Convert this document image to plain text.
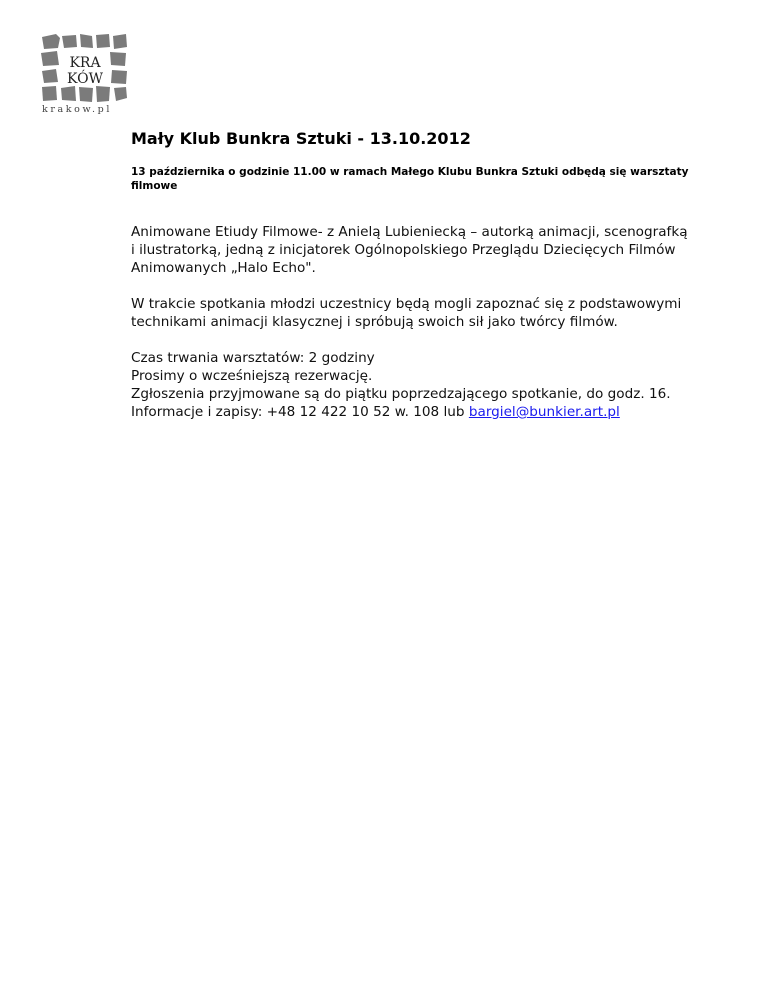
KRA
KÓW
krakow.pl
Mały Klub Bunkra Sztuki - 13.10.2012

13 października o godzinie 11.00 w ramach Małego Klubu Bunkra Sztuki odbędą się warsztaty filmowe

Animowane Etiudy Filmowe- z Anielą Lubieniecką – autorką animacji, scenografką
i ilustratorką, jedną z inicjatorek Ogólnopolskiego Przeglądu Dziecięcych Filmów
Animowanych „Halo Echo".

W trakcie spotkania młodzi uczestnicy będą mogli zapoznać się z podstawowymi
technikami animacji klasycznej i spróbują swoich sił jako twórcy filmów.

Czas trwania warsztatów: 2 godziny
Prosimy o wcześniejszą rezerwację.
Zgłoszenia przyjmowane są do piątku poprzedzającego spotkanie, do godz. 16.
Informacje i zapisy: +48 12 422 10 52 w. 108 lub bargiel@bunkier.art.pl
